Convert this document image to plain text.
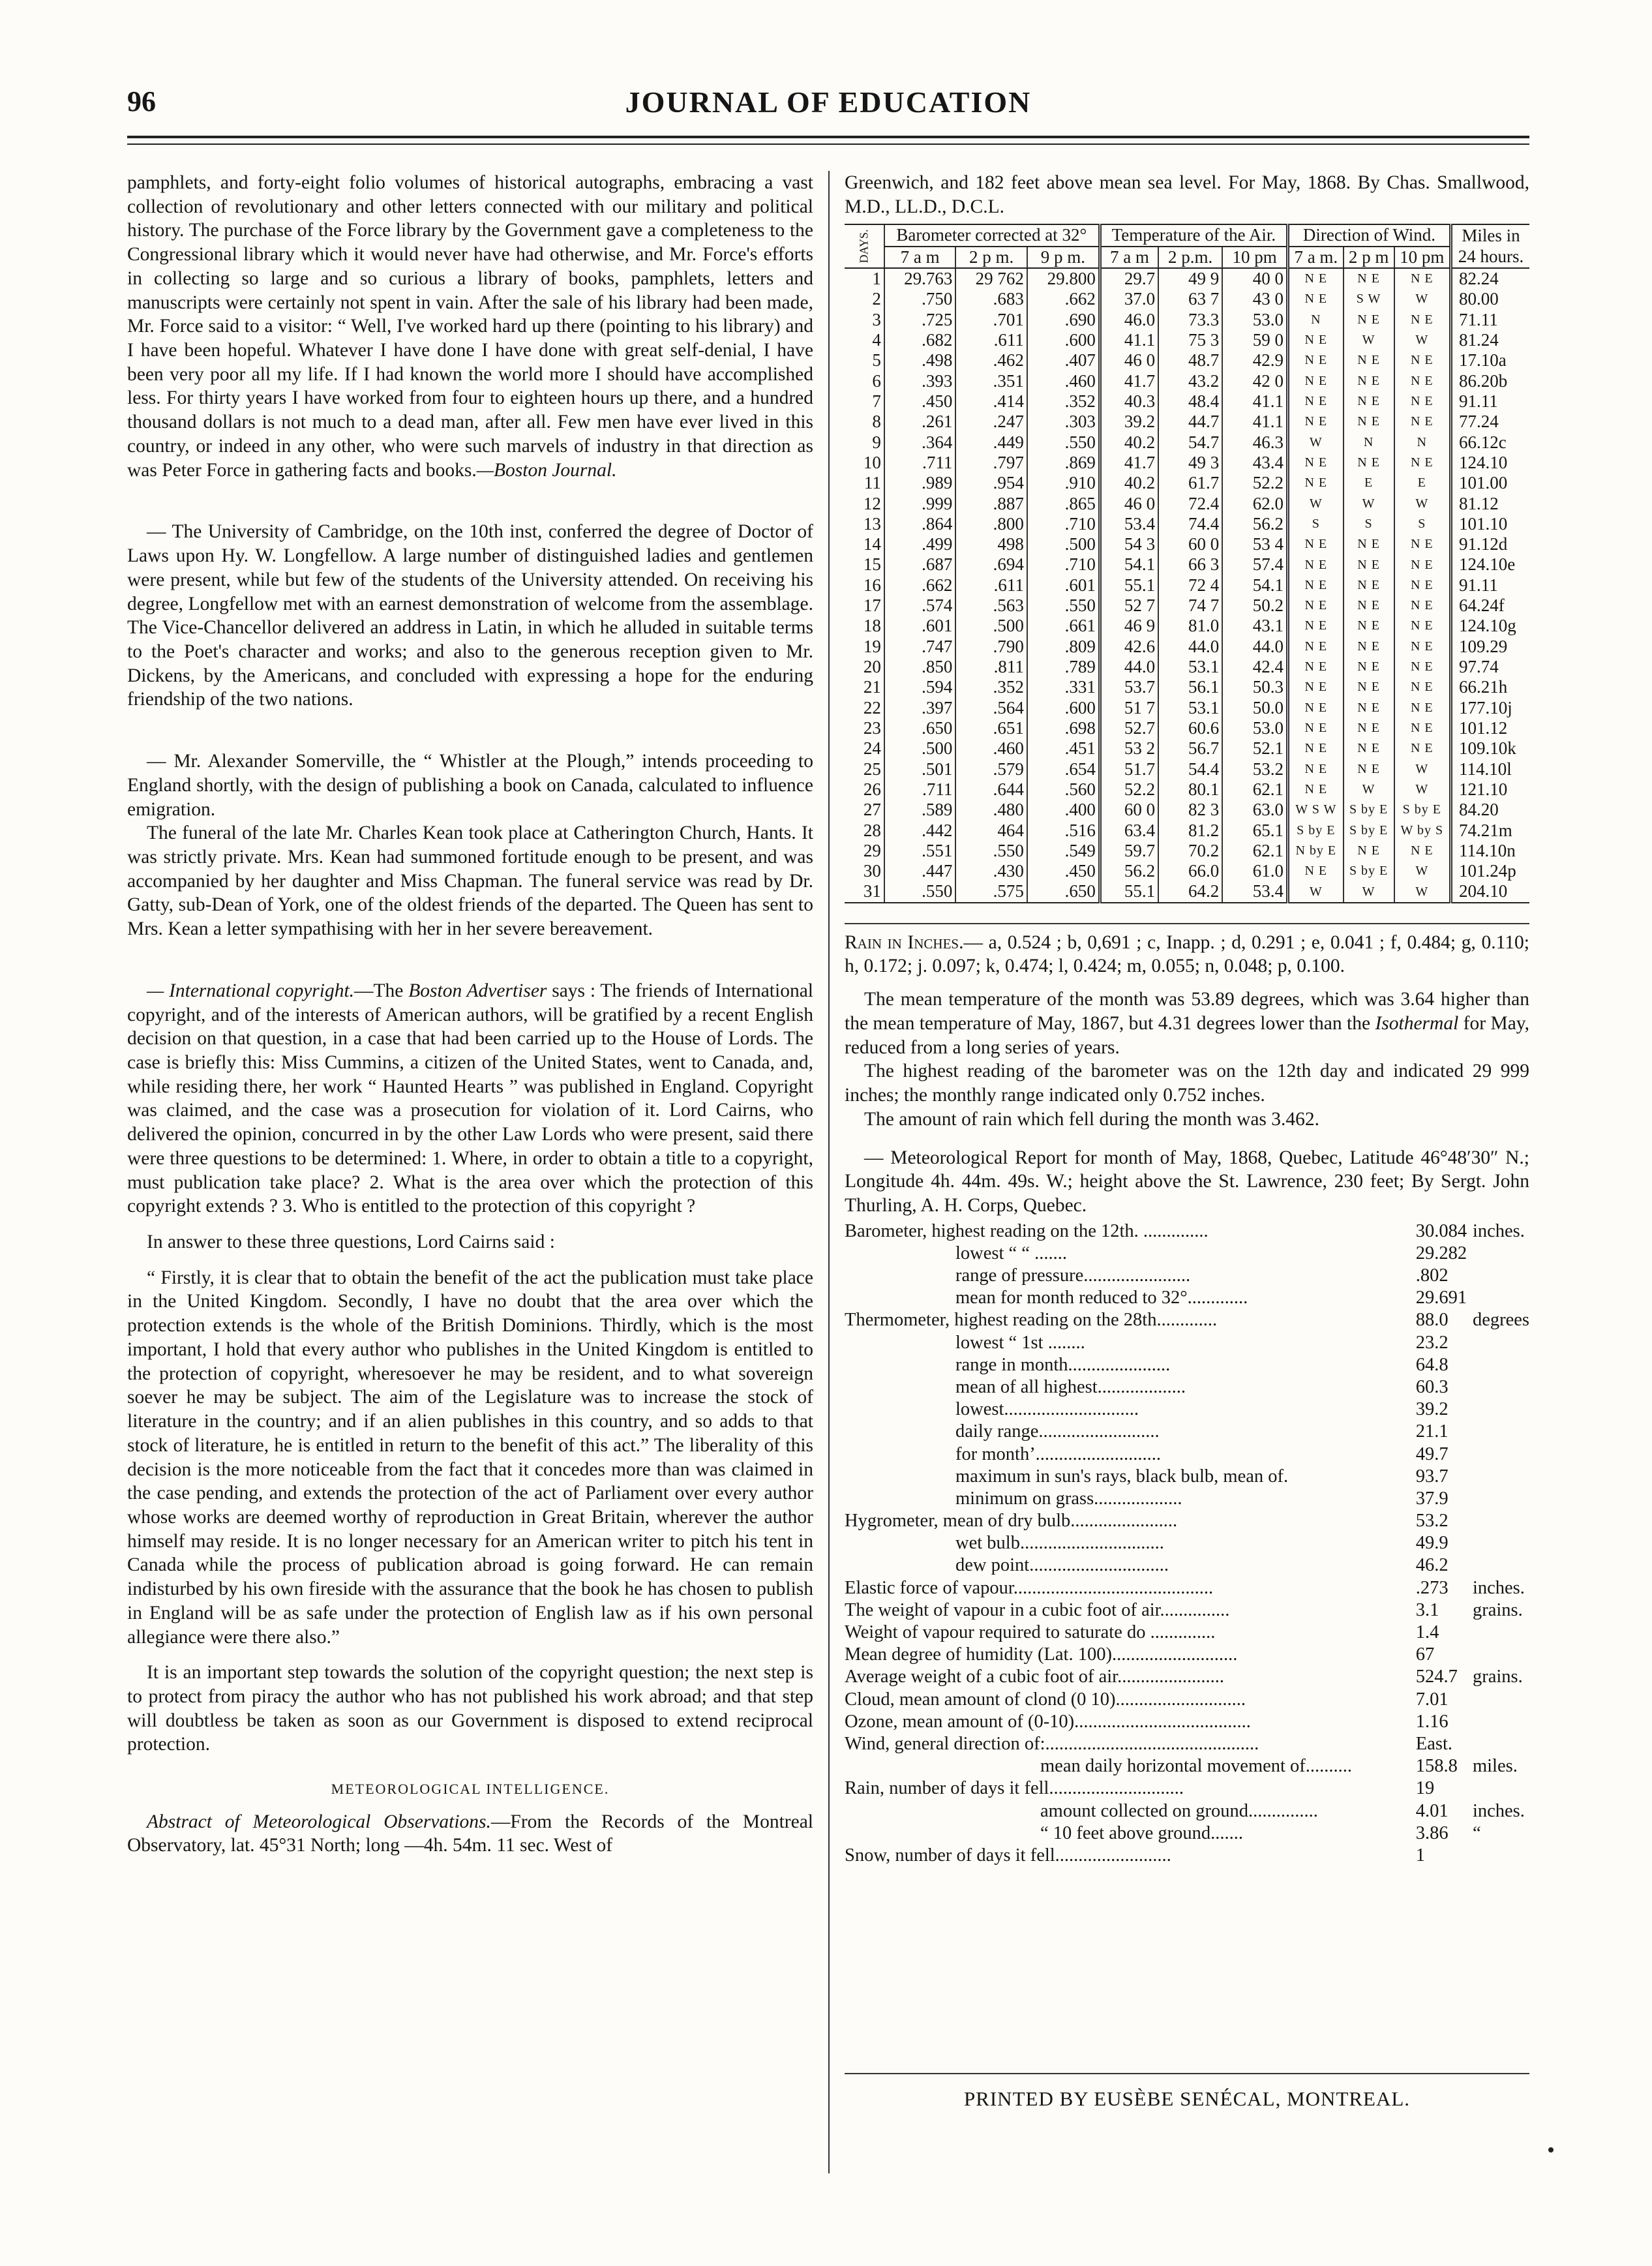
96	JOURNAL OF EDUCATION

pamphlets, and forty-eight folio volumes of historical autographs, embracing a vast collection of revolutionary and other letters connected with our military and political history. The purchase of the Force library by the Government gave a completeness to the Congressional library which it would never have had otherwise, and Mr. Force's efforts in collecting so large and so curious a library of books, pamphlets, letters and manuscripts were certainly not spent in vain. After the sale of his library had been made, Mr. Force said to a visitor: “ Well, I've worked hard up there (pointing to his library) and I have been hopeful. Whatever I have done I have done with great self-denial, I have been very poor all my life. If I had known the world more I should have accomplished less. For thirty years I have worked from four to eighteen hours up there, and a hundred thousand dollars is not much to a dead man, after all. Few men have ever lived in this country, or indeed in any other, who were such marvels of industry in that direction as was Peter Force in gathering facts and books.—Boston Journal.

— The University of Cambridge, on the 10th inst, conferred the degree of Doctor of Laws upon Hy. W. Longfellow. A large number of distinguished ladies and gentlemen were present, while but few of the students of the University attended. On receiving his degree, Longfellow met with an earnest demonstration of welcome from the assemblage. The Vice-Chancellor delivered an address in Latin, in which he alluded in suitable terms to the Poet's character and works; and also to the generous reception given to Mr. Dickens, by the Americans, and concluded with expressing a hope for the enduring friendship of the two nations.

— Mr. Alexander Somerville, the “ Whistler at the Plough,” intends proceeding to England shortly, with the design of publishing a book on Canada, calculated to influence emigration.

The funeral of the late Mr. Charles Kean took place at Catherington Church, Hants. It was strictly private. Mrs. Kean had summoned fortitude enough to be present, and was accompanied by her daughter and Miss Chapman. The funeral service was read by Dr. Gatty, sub-Dean of York, one of the oldest friends of the departed. The Queen has sent to Mrs. Kean a letter sympathising with her in her severe bereavement.

— International copyright.—The Boston Advertiser says : The friends of International copyright, and of the interests of American authors, will be gratified by a recent English decision on that question, in a case that had been carried up to the House of Lords. The case is briefly this: Miss Cummins, a citizen of the United States, went to Canada, and, while residing there, her work “ Haunted Hearts ” was published in England. Copyright was claimed, and the case was a prosecution for violation of it. Lord Cairns, who delivered the opinion, concurred in by the other Law Lords who were present, said there were three questions to be determined: 1. Where, in order to obtain a title to a copyright, must publication take place? 2. What is the area over which the protection of this copyright extends ? 3. Who is entitled to the protection of this copyright ?

In answer to these three questions, Lord Cairns said :

“ Firstly, it is clear that to obtain the benefit of the act the publication must take place in the United Kingdom. Secondly, I have no doubt that the area over which the protection extends is the whole of the British Dominions. Thirdly, which is the most important, I hold that every author who publishes in the United Kingdom is entitled to the protection of copyright, wheresoever he may be resident, and to what sovereign soever he may be subject. The aim of the Legislature was to increase the stock of literature in the country; and if an alien publishes in this country, and so adds to that stock of literature, he is entitled in return to the benefit of this act.” The liberality of this decision is the more noticeable from the fact that it concedes more than was claimed in the case pending, and extends the protection of the act of Parliament over every author whose works are deemed worthy of reproduction in Great Britain, wherever the author himself may reside. It is no longer necessary for an American writer to pitch his tent in Canada while the process of publication abroad is going forward. He can remain indisturbed by his own fireside with the assurance that the book he has chosen to publish in England will be as safe under the protection of English law as if his own personal allegiance were there also.”

It is an important step towards the solution of the copyright question; the next step is to protect from piracy the author who has not published his work abroad; and that step will doubtless be taken as soon as our Government is disposed to extend reciprocal protection.

METEOROLOGICAL INTELLIGENCE.

Abstract of Meteorological Observations.—From the Records of the Montreal Observatory, lat. 45°31 North; long —4h. 54m. 11 sec. West of

Greenwich, and 182 feet above mean sea level. For May, 1868. By Chas. Smallwood, M.D., LL.D., D.C.L.

DAYS.	Barometer corrected at 32°			Temperature of the Air.			Direction of Wind.			Miles in 24 hours.
	7 a m	2 p m.	9 p m.	7 a m	2 p.m.	10 pm	7 a m.	2 p m	10 pm	
1	29.763	29 762	29.800	29.7	49 9	40 0	N E	N E	N E	82.24
2	.750	.683	.662	37.0	63 7	43 0	N E	S W	W	80.00
3	.725	.701	.690	46.0	73.3	53.0	N	N E	N E	71.11
4	.682	.611	.600	41.1	75 3	59 0	N E	W	W	81.24
5	.498	.462	.407	46 0	48.7	42.9	N E	N E	N E	17.10a
6	.393	.351	.460	41.7	43.2	42 0	N E	N E	N E	86.20b
7	.450	.414	.352	40.3	48.4	41.1	N E	N E	N E	91.11
8	.261	.247	.303	39.2	44.7	41.1	N E	N E	N E	77.24
9	.364	.449	.550	40.2	54.7	46.3	W	N	N	66.12c
10	.711	.797	.869	41.7	49 3	43.4	N E	N E	N E	124.10
11	.989	.954	.910	40.2	61.7	52.2	N E	E	E	101.00
12	.999	.887	.865	46 0	72.4	62.0	W	W	W	81.12
13	.864	.800	.710	53.4	74.4	56.2	S	S	S	101.10
14	.499	498	.500	54 3	60 0	53 4	N E	N E	N E	91.12d
15	.687	.694	.710	54.1	66 3	57.4	N E	N E	N E	124.10e
16	.662	.611	.601	55.1	72 4	54.1	N E	N E	N E	91.11
17	.574	.563	.550	52 7	74 7	50.2	N E	N E	N E	64.24f
18	.601	.500	.661	46 9	81.0	43.1	N E	N E	N E	124.10g
19	.747	.790	.809	42.6	44.0	44.0	N E	N E	N E	109.29
20	.850	.811	.789	44.0	53.1	42.4	N E	N E	N E	97.74
21	.594	.352	.331	53.7	56.1	50.3	N E	N E	N E	66.21h
22	.397	.564	.600	51 7	53.1	50.0	N E	N E	N E	177.10j
23	.650	.651	.698	52.7	60.6	53.0	N E	N E	N E	101.12
24	.500	.460	.451	53 2	56.7	52.1	N E	N E	N E	109.10k
25	.501	.579	.654	51.7	54.4	53.2	N E	N E	W	114.10l
26	.711	.644	.560	52.2	80.1	62.1	N E	W	W	121.10
27	.589	.480	.400	60 0	82 3	63.0	W S W	S by E	S by E	84.20
28	.442	464	.516	63.4	81.2	65.1	S by E	S by E	W by S	74.21m
29	.551	.550	.549	59.7	70.2	62.1	N by E	N E	N E	114.10n
30	.447	.430	.450	56.2	66.0	61.0	N E	S by E	W	101.24p
31	.550	.575	.650	55.1	64.2	53.4	W	W	W	204.10

Rain in Inches.— a, 0.524 ; b, 0,691 ; c, Inapp. ; d, 0.291 ; e, 0.041 ; f, 0.484; g, 0.110; h, 0.172; j. 0.097; k, 0.474; l, 0.424; m, 0.055; n, 0.048; p, 0.100.

The mean temperature of the month was 53.89 degrees, which was 3.64 higher than the mean temperature of May, 1867, but 4.31 degrees lower than the Isothermal for May, reduced from a long series of years.

The highest reading of the barometer was on the 12th day and indicated 29 999 inches; the monthly range indicated only 0.752 inches.

The amount of rain which fell during the month was 3.462.

— Meteorological Report for month of May, 1868, Quebec, Latitude 46°48′30″ N.; Longitude 4h. 44m. 49s. W.; height above the St. Lawrence, 230 feet; By Sergt. John Thurling, A. H. Corps, Quebec.

Barometer, highest reading on the 12th. ..............	30.084	inches.
lowest “ “ .......	29.282	
range of pressure.......................	.802	
mean for month reduced to 32°.............	29.691	
Thermometer, highest reading on the 28th.............	88.0	degrees
lowest “ 1st ........	23.2	
range in month......................	64.8	
mean of all highest...................	60.3	
lowest.............................	39.2	
daily range..........................	21.1	
for month’...........................	49.7	
maximum in sun's rays, black bulb, mean of.	93.7	
minimum on grass...................	37.9	
Hygrometer, mean of dry bulb.......................	53.2	
wet bulb...............................	49.9	
dew point..............................	46.2	
Elastic force of vapour...........................................	.273	inches.
The weight of vapour in a cubic foot of air...............	3.1	grains.
Weight of vapour required to saturate do ..............	1.4	
Mean degree of humidity (Lat. 100)...........................	67	
Average weight of a cubic foot of air.......................	524.7	grains.
Cloud, mean amount of clond (0 10)............................	7.01	
Ozone, mean amount of (0-10)......................................	1.16	
Wind, general direction of:..............................................	East.	
mean daily horizontal movement of..........	158.8	miles.
Rain, number of days it fell.............................	19	
amount collected on ground...............	4.01	inches.
“ 10 feet above ground.......	3.86	“
Snow, number of days it fell.........................	1	
PRINTED BY EUSÈBE SENÉCAL, MONTREAL.
